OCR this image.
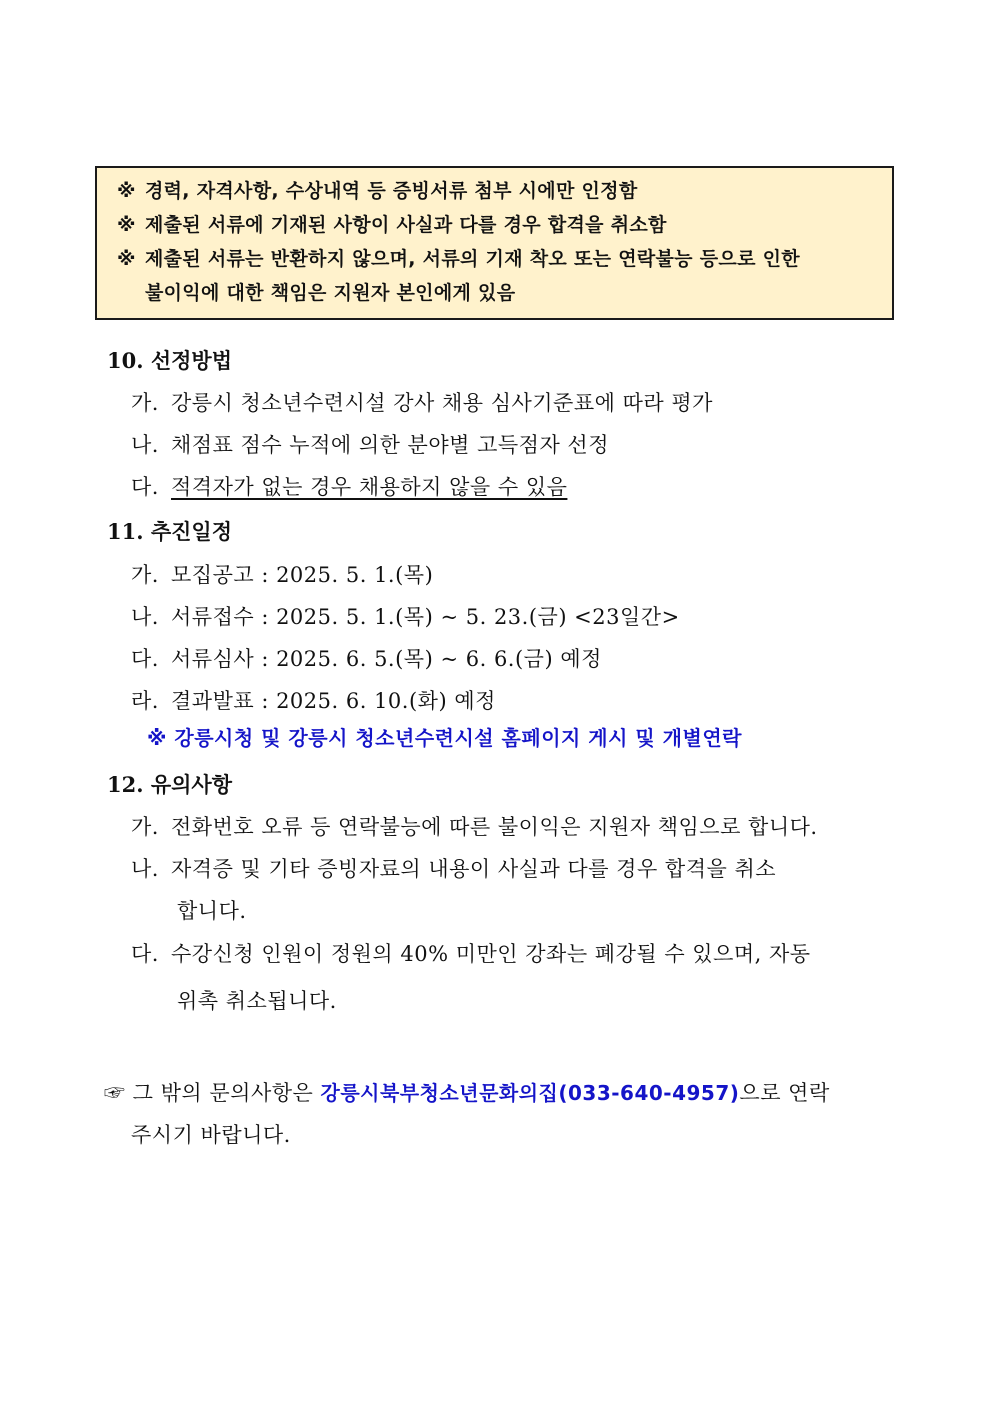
※ 경력, 자격사항, 수상내역 등 증빙서류 첨부 시에만 인정함
※ 제출된 서류에 기재된 사항이 사실과 다를 경우 합격을 취소함
※ 제출된 서류는 반환하지 않으며, 서류의 기재 착오 또는 연락불능 등으로 인한
불이익에 대한 책임은 지원자 본인에게 있음
10. 선정방법
가. 강릉시 청소년수련시설 강사 채용 심사기준표에 따라 평가
나. 채점표 점수 누적에 의한 분야별 고득점자 선정
다. 적격자가 없는 경우 채용하지 않을 수 있음
11. 추진일정
가. 모집공고 : 2025. 5. 1.(목)
나. 서류접수 : 2025. 5. 1.(목) ~ 5. 23.(금) <23일간>
다. 서류심사 : 2025. 6. 5.(목) ~ 6. 6.(금) 예정
라. 결과발표 : 2025. 6. 10.(화) 예정
※ 강릉시청 및 강릉시 청소년수련시설 홈페이지 게시 및 개별연락
12. 유의사항
가. 전화번호 오류 등 연락불능에 따른 불이익은 지원자 책임으로 합니다.
나. 자격증 및 기타 증빙자료의 내용이 사실과 다를 경우 합격을 취소
합니다.
다. 수강신청 인원이 정원의 40% 미만인 강좌는 폐강될 수 있으며, 자동
위촉 취소됩니다.
☞ 그 밖의 문의사항은 강릉시북부청소년문화의집(033-640-4957)으로 연락
주시기 바랍니다.
